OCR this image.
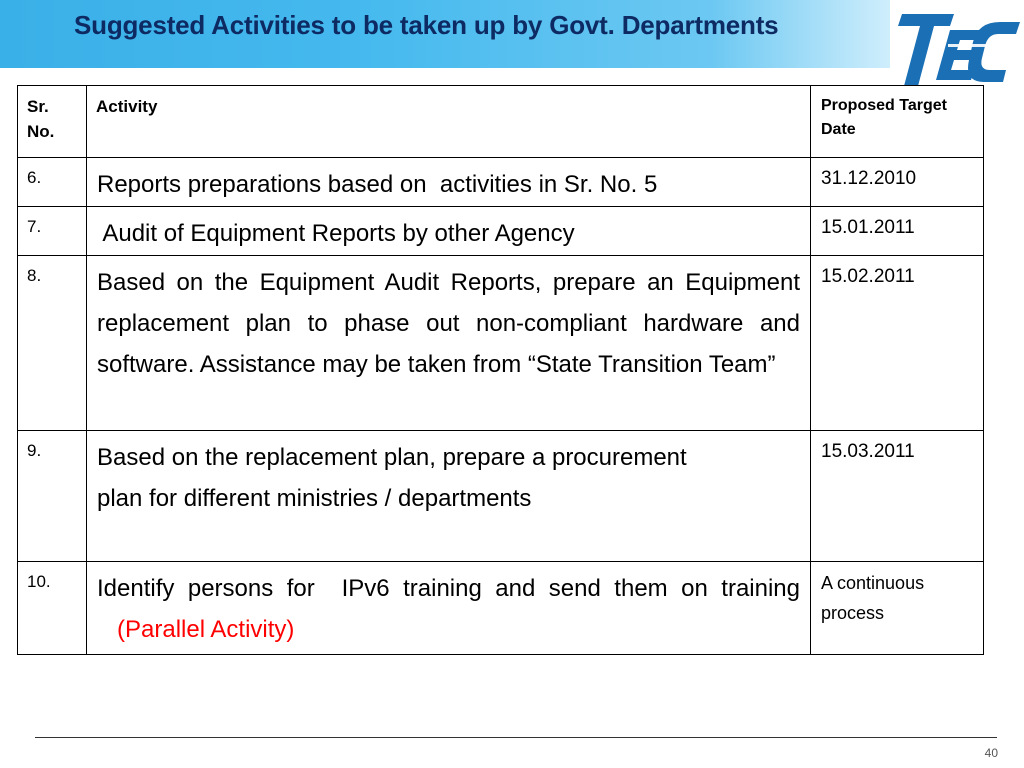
Suggested Activities to be taken up by Govt. Departments
Sr. No.	Activity	Proposed Target Date

6.	Reports preparations based on  activities in Sr. No. 5	31.12.2010

7.	Audit of Equipment Reports by other Agency	15.01.2011

8.	Based on the Equipment Audit Reports, prepare an Equipment replacement plan to phase out non-compliant hardware and software. Assistance may be taken from “State Transition Team”	15.02.2011

9.	Based on the replacement plan, prepare a procurement plan for different ministries / departments	15.03.2011

10.	Identify persons for  IPv6 training and send them on training   (Parallel Activity)	A continuous process
40
